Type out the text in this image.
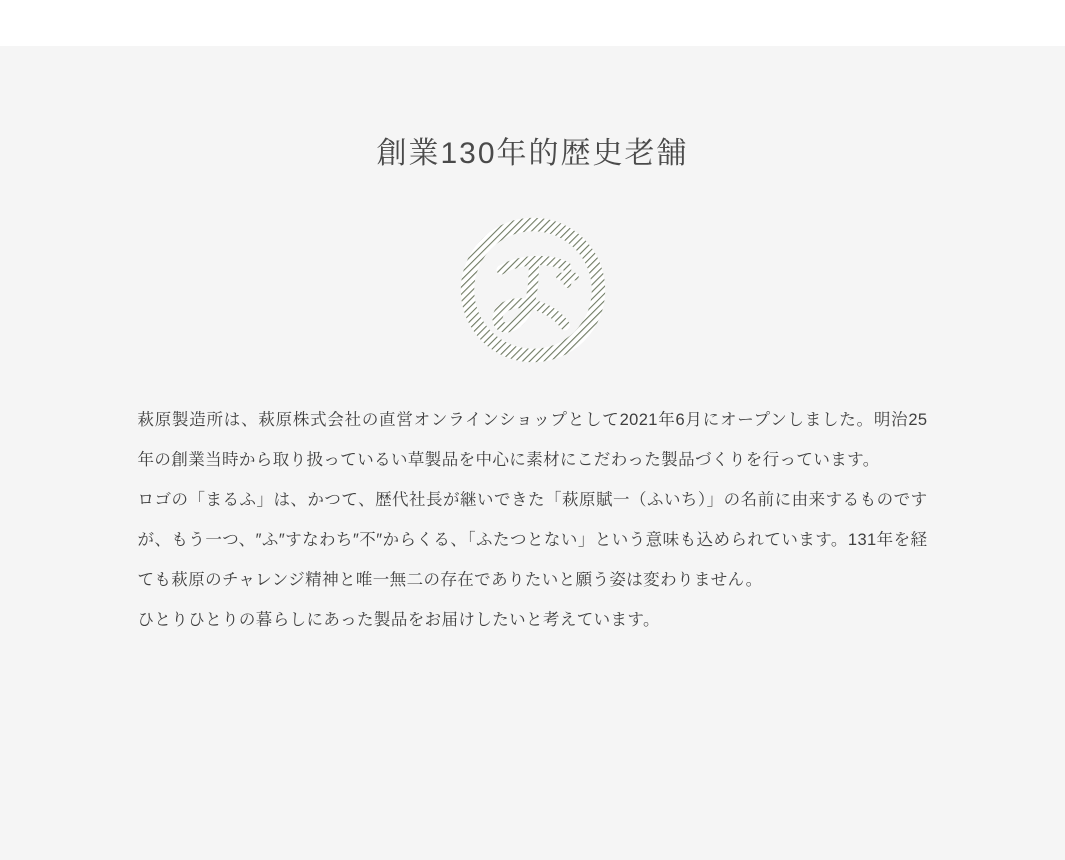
創業130年的歴史老舗

萩原製造所は、萩原株式会社の直営オンラインショップとして2021年6月にオープンしました。明治25年の創業当時から取り扱っているい草製品を中心に素材にこだわった製品づくりを行っています。

ロゴの「まるふ」は、かつて、歴代社長が継いできた「萩原賦一（ふいち）」の名前に由来するものですが、もう一つ、″ふ″すなわち″不″からくる、「ふたつとない」という意味も込められています。131年を経ても萩原のチャレンジ精神と唯一無二の存在でありたいと願う姿は変わりません。

ひとりひとりの暮らしにあった製品をお届けしたいと考えています。
